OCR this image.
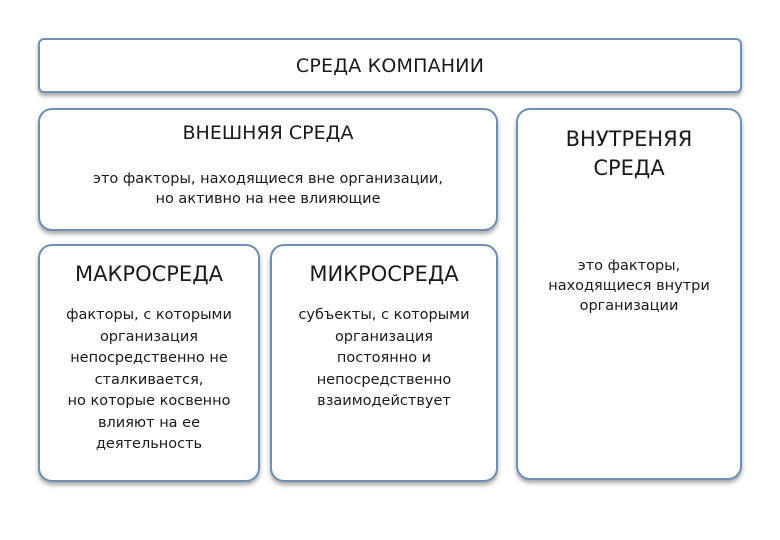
СРЕДА КОМПАНИИ
ВНЕШНЯЯ СРЕДА
это факторы, находящиеся вне организации,
но активно на нее влияющие
ВНУТРЕНЯЯ
СРЕДА
это факторы,
находящиеся внутри
организации
МАКРОСРЕДА
факторы, с которыми
организация
непосредственно не
сталкивается,
но которые косвенно
влияют на ее
деятельность
МИКРОСРЕДА
субъекты, с которыми
организация
постоянно и
непосредственно
взаимодействует
